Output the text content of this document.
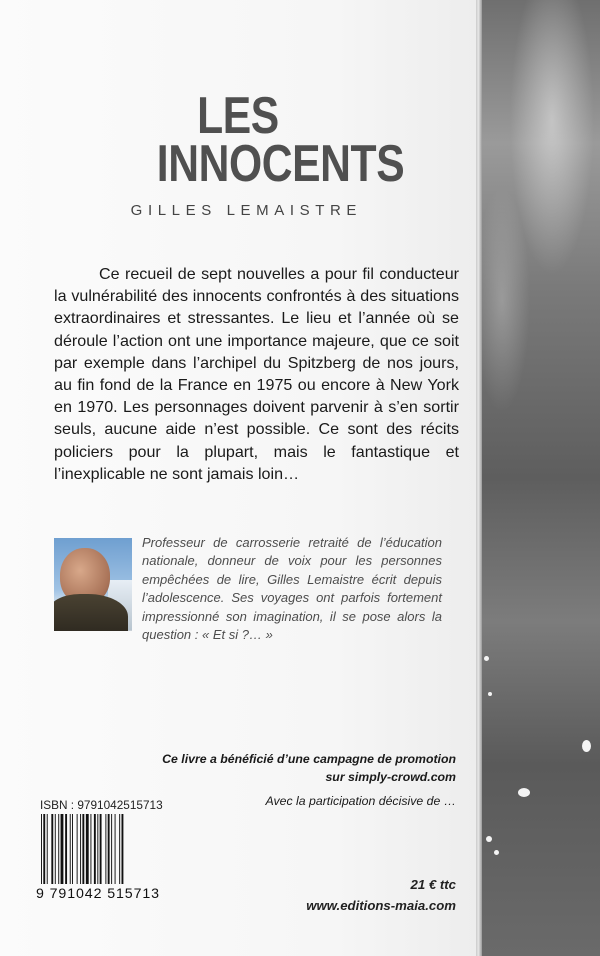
LES
INNOCENTS
GILLES LEMAISTRE
Ce recueil de sept nouvelles a pour fil conducteur la vulnérabilité des innocents confrontés à des situations extraordinaires et stressantes. Le lieu et l’année où se déroule l’action ont une importance majeure, que ce soit par exemple dans l’archipel du Spitzberg de nos jours, au fin fond de la France en 1975 ou encore à New York en 1970. Les personnages doivent parvenir à s’en sortir seuls, aucune aide n’est possible. Ce sont des récits policiers pour la plupart, mais le fantastique et l’inexplicable ne sont jamais loin…
Professeur de carrosserie retraité de l’éducation nationale, donneur de voix pour les personnes empêchées de lire, Gilles Lemaistre écrit depuis l’adolescence. Ses voyages ont parfois fortement impressionné son imagination, il se pose alors la question : « Et si ?… »
Ce livre a bénéficié d’une campagne de promotion
sur simply-crowd.com
Avec la participation décisive de …
ISBN : 9791042515713
9 791042 515713
21 € ttc
www.editions-maia.com
